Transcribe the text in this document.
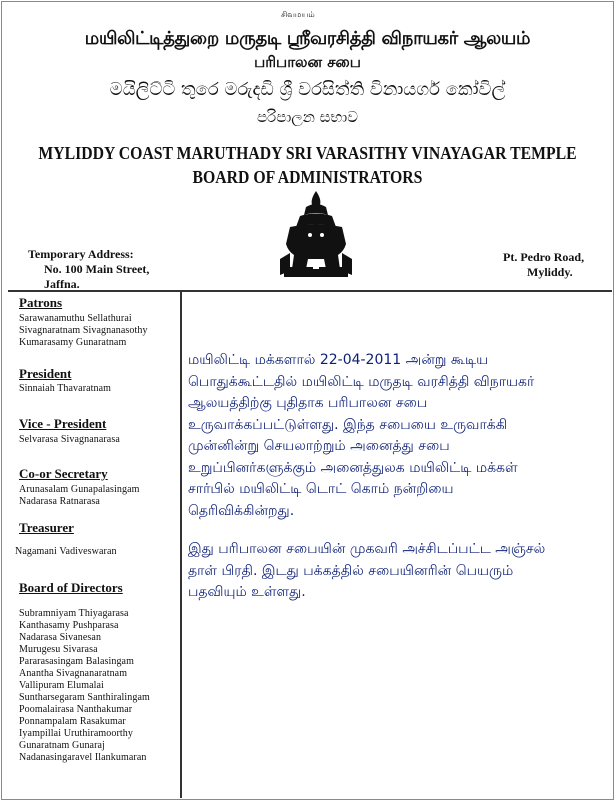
சிவமயம்
மயிலிட்டித்துறை மருதடி ஸ்ரீவரசித்தி விநாயகர் ஆலயம்
பரிபாலன சபை
මයිලිට්ටි තුරෙ මරුදඩි ශ්‍රී වරසිත්ති විනායගර් කෝවිල්
පරිපාලන සභාව
MYLIDDY COAST MARUTHADY SRI VARASITHY VINAYAGAR TEMPLE
BOARD OF ADMINISTRATORS
Temporary Address:
No. 100 Main Street,
Jaffna.
Pt. Pedro Road,
Myliddy.
Patrons
Sarawanamuthu Sellathurai
Sivagnaratnam Sivagnanasothy
Kumarasamy Gunaratnam
President
Sinnaiah Thavaratnam
Vice - President
Selvarasa Sivagnanarasa
Co-or Secretary
Arunasalam Gunapalasingam
Nadarasa Ratnarasa
Treasurer
Nagamani Vadiveswaran
Board of Directors
Subramniyam Thiyagarasa
Kanthasamy Pushparasa
Nadarasa Sivanesan
Murugesu Sivarasa
Pararasasingam Balasingam
Anantha Sivagnanaratnam
Vallipuram Elumalai
Suntharsegaram Santhiralingam
Poomalairasa Nanthakumar
Ponnampalam Rasakumar
Iyampillai Uruthiramoorthy
Gunaratnam Gunaraj
Nadanasingaravel Ilankumaran

மயிலிட்டி மக்களால் 22-04-2011 அன்று கூடிய
பொதுக்கூட்டதில் மயிலிட்டி மருதடி வரசித்தி விநாயகா்
ஆலயத்திற்கு புதிதாக பரிபாலன சபை
உருவாக்கப்பட்டுள்ளது. இந்த சபையை உருவாக்கி
முன்னின்று செயலாற்றும் அனைத்து சபை
உறுப்பினர்களுக்கும் அனைத்துலக மயிலிட்டி மக்கள்
சார்பில் மயிலிட்டி டொட் கொம் நன்றியை
தெரிவிக்கின்றது.

இது பரிபாலன சபையின் முகவரி அச்சிடப்பட்ட அஞ்சல்
தாள் பிரதி. இடது பக்கத்தில் சபையினரின் பெயரும்
பதவியும் உள்ளது.
